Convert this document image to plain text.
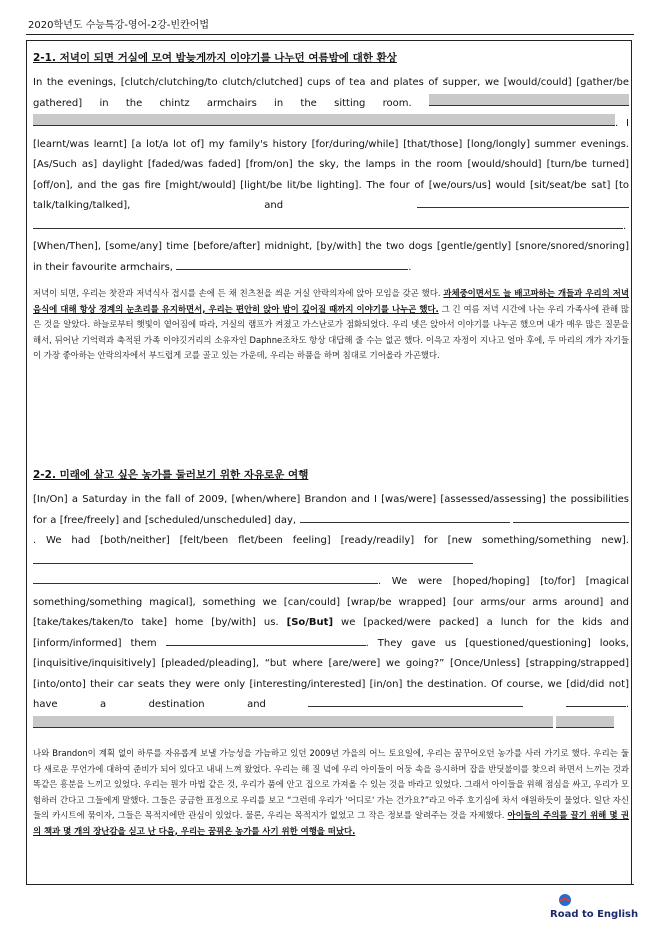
2020학년도 수능특강-영어-2강-빈칸어법
2-1. 저녁이 되면 거실에 모여 밤늦게까지 이야기를 나누던 여름밤에 대한 환상
In the evenings, [clutch/clutching/to clutch/clutched] cups of tea and plates of supper, we [would/could] [gather/be gathered] in the chintz armchairs in the sitting room.  . I [learnt/was learnt] [a lot/a lot of] my family's history [for/during/while] [that/those] [long/longly] summer evenings. [As/Such as] daylight [faded/was faded] [from/on] the sky, the lamps in the room [would/should] [turn/be turned] [off/on], and the gas fire [might/would] [light/be lit/be lighting]. The four of [we/ours/us] would [sit/seat/be sat] [to talk/talking/talked], and  . [When/Then], [some/any] time [before/after] midnight, [by/with] the two dogs [gentle/gently] [snore/snored/snoring] in their favourite armchairs,	.
저녁이 되면, 우리는 찻잔과 저녁식사 접시를 손에 든 채 친츠천을 씌운 거실 안락의자에 앉아 모임을 갖곤 했다. 과체중이면서도 늘 배고파하는 개들과 우리의 저녁 음식에 대해 항상 경계의 눈초리를 유지하면서, 우리는 편안히 앉아 밤이 깊어질 때까지 이야기를 나누곤 했다. 그 긴 여름 저녁 시간에 나는 우리 가족사에 관해 많은 것을 알았다. 하늘로부터 햇빛이 옅어짐에 따라, 거실의 램프가 켜졌고 가스난로가 점화되었다. 우리 넷은 앉아서 이야기를 나누곤 했으며 내가 매우 많은 질문을 해서, 뒤어난 기억력과 축적된 가족 이야깃거리의 소유자인 Daphne조차도 항상 대답해 줄 수는 없곤 했다. 이윽고 자정이 지나고 얼마 후에, 두 마리의 개가 자기들이 가장 좋아하는 안락의자에서 부드럽게 코를 골고 있는 가운데, 우리는 하품을 하며 침대로 기어올라 가곤했다.
2-2. 미래에 살고 싶은 농가를 둘러보기 위한 자유로운 여행
[In/On] a Saturday in the fall of 2009, [when/where] Brandon and I [was/were] [assessed/assessing] the possibilities for a [free/freely] and [scheduled/unscheduled] day,  . We had [both/neither] [felt/been flet/been feeling] [ready/readily] for [new something/something new].  . We were [hoped/hoping] [to/for] [magical something/something magical], something we [can/could] [wrap/be wrapped] [our arms/our arms around] and [take/takes/taken/to take] home [by/with] us. [So/But] we [packed/were packed] a lunch for the kids and [inform/informed] them	. They gave us [questioned/questioning] looks, [inquisitive/inquisitively] [pleaded/pleading], “but where [are/were] we going?” [Once/Unless] [strapping/strapped] [into/onto] their car seats they were only [interesting/interested] [in/on] the destination. Of course, we [did/did not] have a destination and	.
나와 Brandon이 계획 없이 하루를 자유롭게 보낼 가능성을 가늠하고 있던 2009년 가을의 어느 토요일에, 우리는 꿈꾸어오던 농가를 사러 가기로 했다. 우리는 둘 다 새로운 무언가에 대하여 준비가 되어 있다고 내내 느껴 왔었다. 우리는 해 질 녘에 우리 아이들이 어둥 속을 응시하며 잡을 반딧불이를 찾으려 하면서 느끼는 것과 똑같은 흥분을 느끼고 있었다. 우리는 뭔가 마법 같은 것, 우리가 품에 안고 집으로 가져올 수 있는 것을 바라고 있었다. 그래서 아이들을 위해 점심을 싸고, 우리가 모험하러 간다고 그들에게 말했다. 그들은 궁금한 표정으로 우리를 보고 “그런데 우리가 '어디로' 가는 건가요?”라고 아주 호기심에 차서 애원하듯이 물었다. 일단 자신들의 카시트에 묶이자, 그들은 목적지에만 관심이 있었다. 물론, 우리는 목적지가 없었고 그 작은 정보를 알려주는 것을 자제했다. 아이들의 주의를 끌기 위해 몇 권의 책과 몇 개의 장난감을 싣고 난 다음, 우리는 꿈꿔온 농가를 사기 위한 여행을 떠났다.
Road to English
